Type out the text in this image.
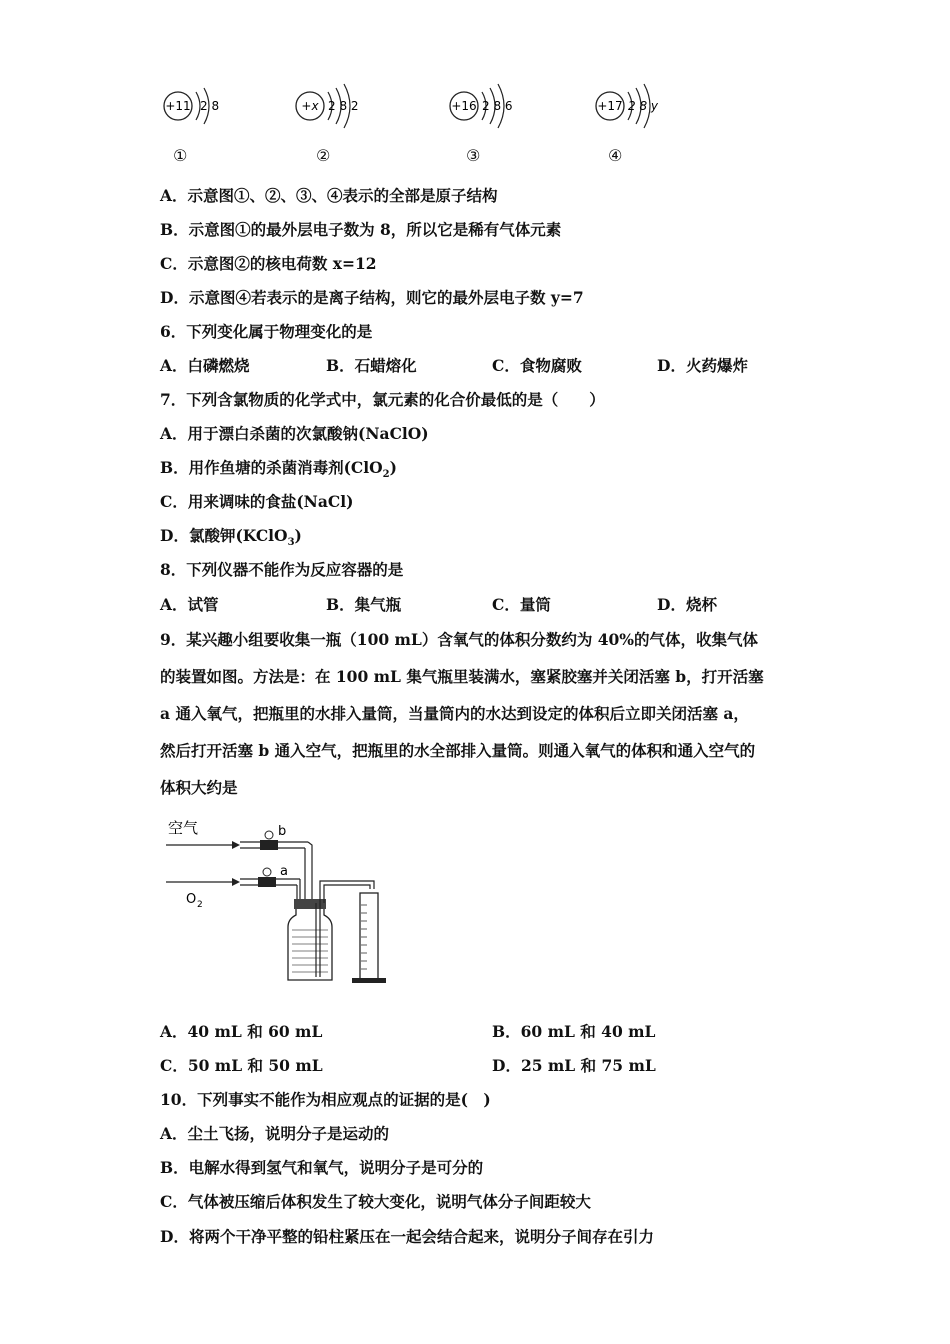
+11 2 8
①
+x 2 8 2
②
+16 2 8 6
③
+17 2 8 y
④
A．示意图①、②、③、④表示的全部是原子结构
B．示意图①的最外层电子数为 8，所以它是稀有气体元素
C．示意图②的核电荷数 x=12
D．示意图④若表示的是离子结构，则它的最外层电子数 y=7
6．下列变化属于物理变化的是
A．白磷燃烧	B．石蜡熔化	C．食物腐败	D．火药爆炸
7．下列含氯物质的化学式中，氯元素的化合价最低的是（　　）
A．用于漂白杀菌的次氯酸钠(NaClO)
B．用作鱼塘的杀菌消毒剂(ClO$_2$)
C．用来调味的食盐(NaCl)
D．氯酸钾(KClO$_3$)
8．下列仪器不能作为反应容器的是
A．试管	B．集气瓶	C．量筒	D．烧杯
9．某兴趣小组要收集一瓶（100 mL）含氧气的体积分数约为 40%的气体，收集气体
的装置如图。方法是：在 100 mL 集气瓶里装满水，塞紧胶塞并关闭活塞 b，打开活塞
a 通入氧气，把瓶里的水排入量筒，当量筒内的水达到设定的体积后立即关闭活塞 a，
然后打开活塞 b 通入空气，把瓶里的水全部排入量筒。则通入氧气的体积和通入空气的
体积大约是
空气	b
O 2
a
A．40 mL 和 60 mL	B．60 mL 和 40 mL
C．50 mL 和 50 mL	D．25 mL 和 75 mL
10．下列事实不能作为相应观点的证据的是(　)
A．尘土飞扬，说明分子是运动的
B．电解水得到氢气和氧气，说明分子是可分的
C．气体被压缩后体积发生了较大变化，说明气体分子间距较大
D．将两个干净平整的铅柱紧压在一起会结合起来，说明分子间存在引力
